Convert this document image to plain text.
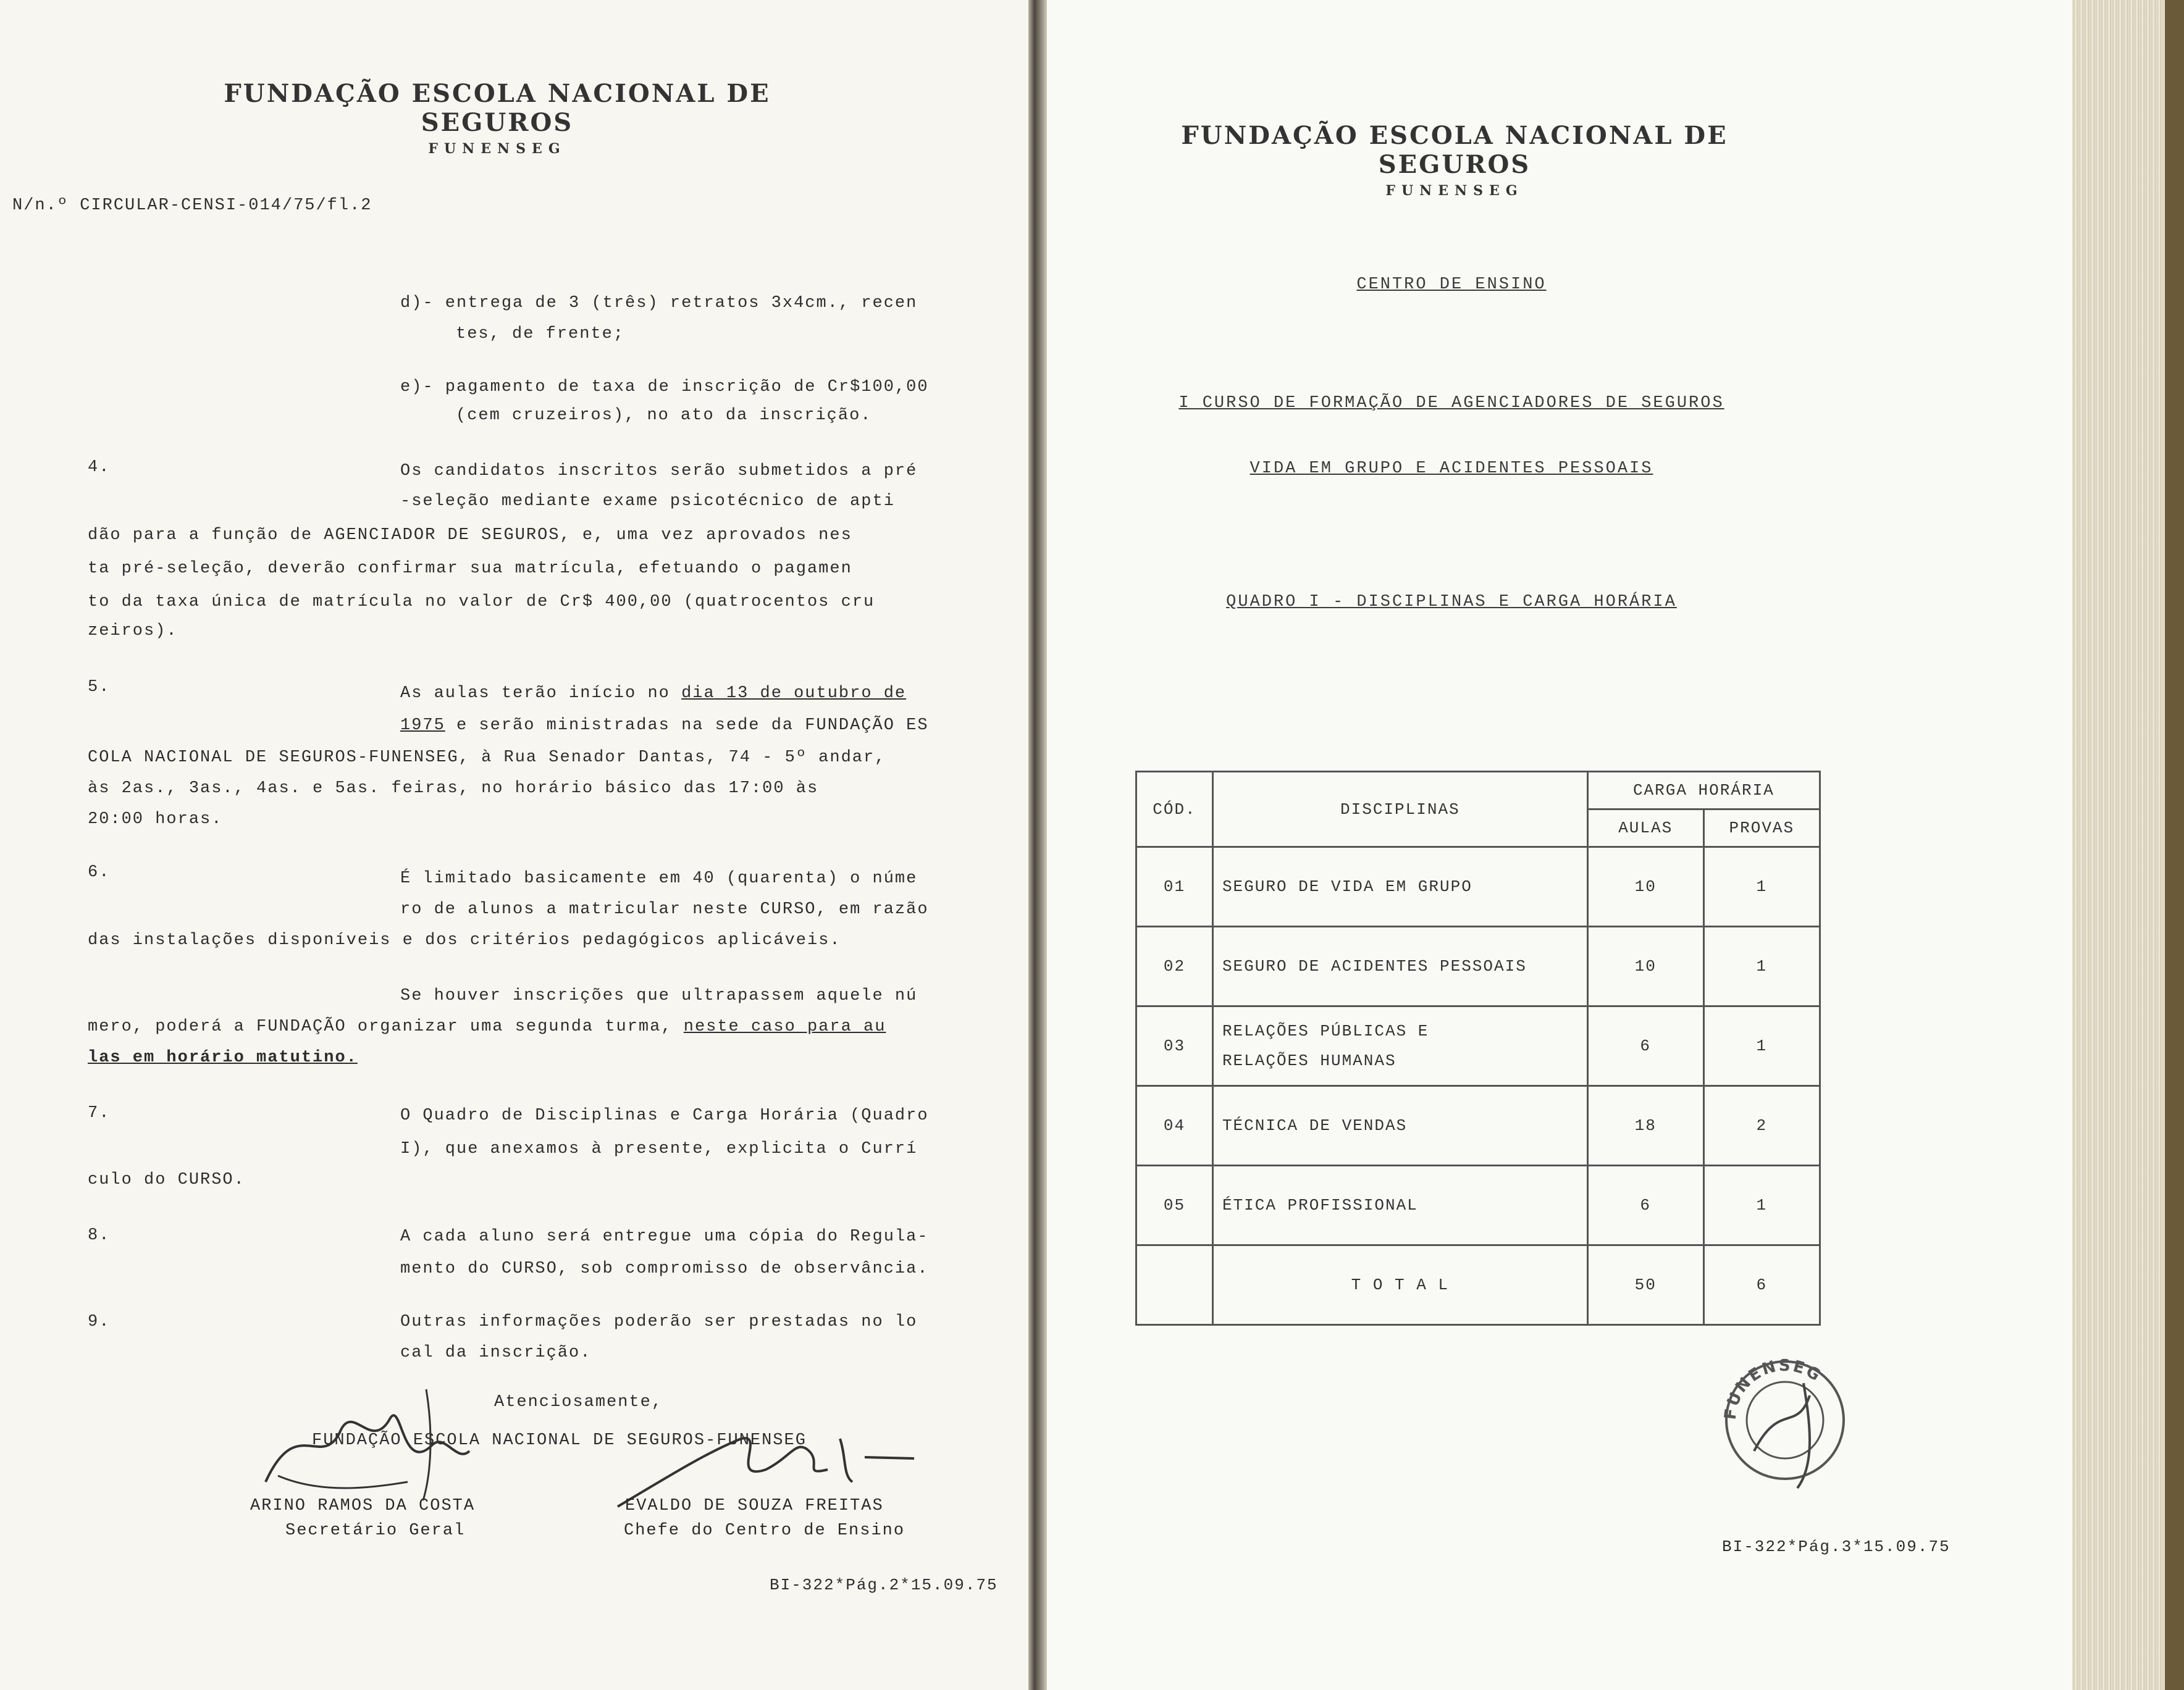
FUNDAÇÃO ESCOLA NACIONAL DE SEGUROS
FUNENSEG
N/n.º CIRCULAR-CENSI-014/75/fl.2
d)- entrega de 3 (três) retratos 3x4cm., recen
tes, de frente;
e)- pagamento de taxa de inscrição de Cr$100,00
(cem cruzeiros), no ato da inscrição.
4.	Os candidatos inscritos serão submetidos a pré
-seleção mediante exame psicotécnico de apti
dão para a função de AGENCIADOR DE SEGUROS, e, uma vez aprovados nes
ta pré-seleção, deverão confirmar sua matrícula, efetuando o pagamen
to da taxa única de matrícula no valor de Cr$ 400,00 (quatrocentos cru
zeiros).
5.	As aulas terão início no dia 13 de outubro de
1975 e serão ministradas na sede da FUNDAÇÃO ES
COLA NACIONAL DE SEGUROS-FUNENSEG, à Rua Senador Dantas, 74 - 5º andar,
às 2as., 3as., 4as. e 5as. feiras, no horário básico das 17:00 às
20:00 horas.
6.	É limitado basicamente em 40 (quarenta) o núme
ro de alunos a matricular neste CURSO, em razão
das instalações disponíveis e dos critérios pedagógicos aplicáveis.
Se houver inscrições que ultrapassem aquele nú
mero, poderá a FUNDAÇÃO organizar uma segunda turma, neste caso para au
las em horário matutino.
7.	O Quadro de Disciplinas e Carga Horária (Quadro
I), que anexamos à presente, explicita o Currí
culo do CURSO.
8.	A cada aluno será entregue uma cópia do Regula-
mento do CURSO, sob compromisso de observância.
9.	Outras informações poderão ser prestadas no lo
cal da inscrição.
Atenciosamente,
FUNDAÇÃO ESCOLA NACIONAL DE SEGUROS-FUNENSEG
ARINO RAMOS DA COSTA
Secretário Geral
EVALDO DE SOUZA FREITAS
Chefe do Centro de Ensino
BI-322*Pág.2*15.09.75
FUNDAÇÃO ESCOLA NACIONAL DE SEGUROS
FUNENSEG
CENTRO DE ENSINO
I CURSO DE FORMAÇÃO DE AGENCIADORES DE SEGUROS
VIDA EM GRUPO E ACIDENTES PESSOAIS
QUADRO I - DISCIPLINAS E CARGA HORÁRIA
CÓD.	DISCIPLINAS	CARGA HORÁRIA	
		AULAS	PROVAS
01	SEGURO DE VIDA EM GRUPO	10	1
02	SEGURO DE ACIDENTES PESSOAIS	10	1
03	RELAÇÕES PÚBLICAS E
RELAÇÕES HUMANAS	6	1
04	TÉCNICA DE VENDAS	18	2
05	ÉTICA PROFISSIONAL	6	1
	T O T A L	50	6
FUNENSEG
BI-322*Pág.3*15.09.75
